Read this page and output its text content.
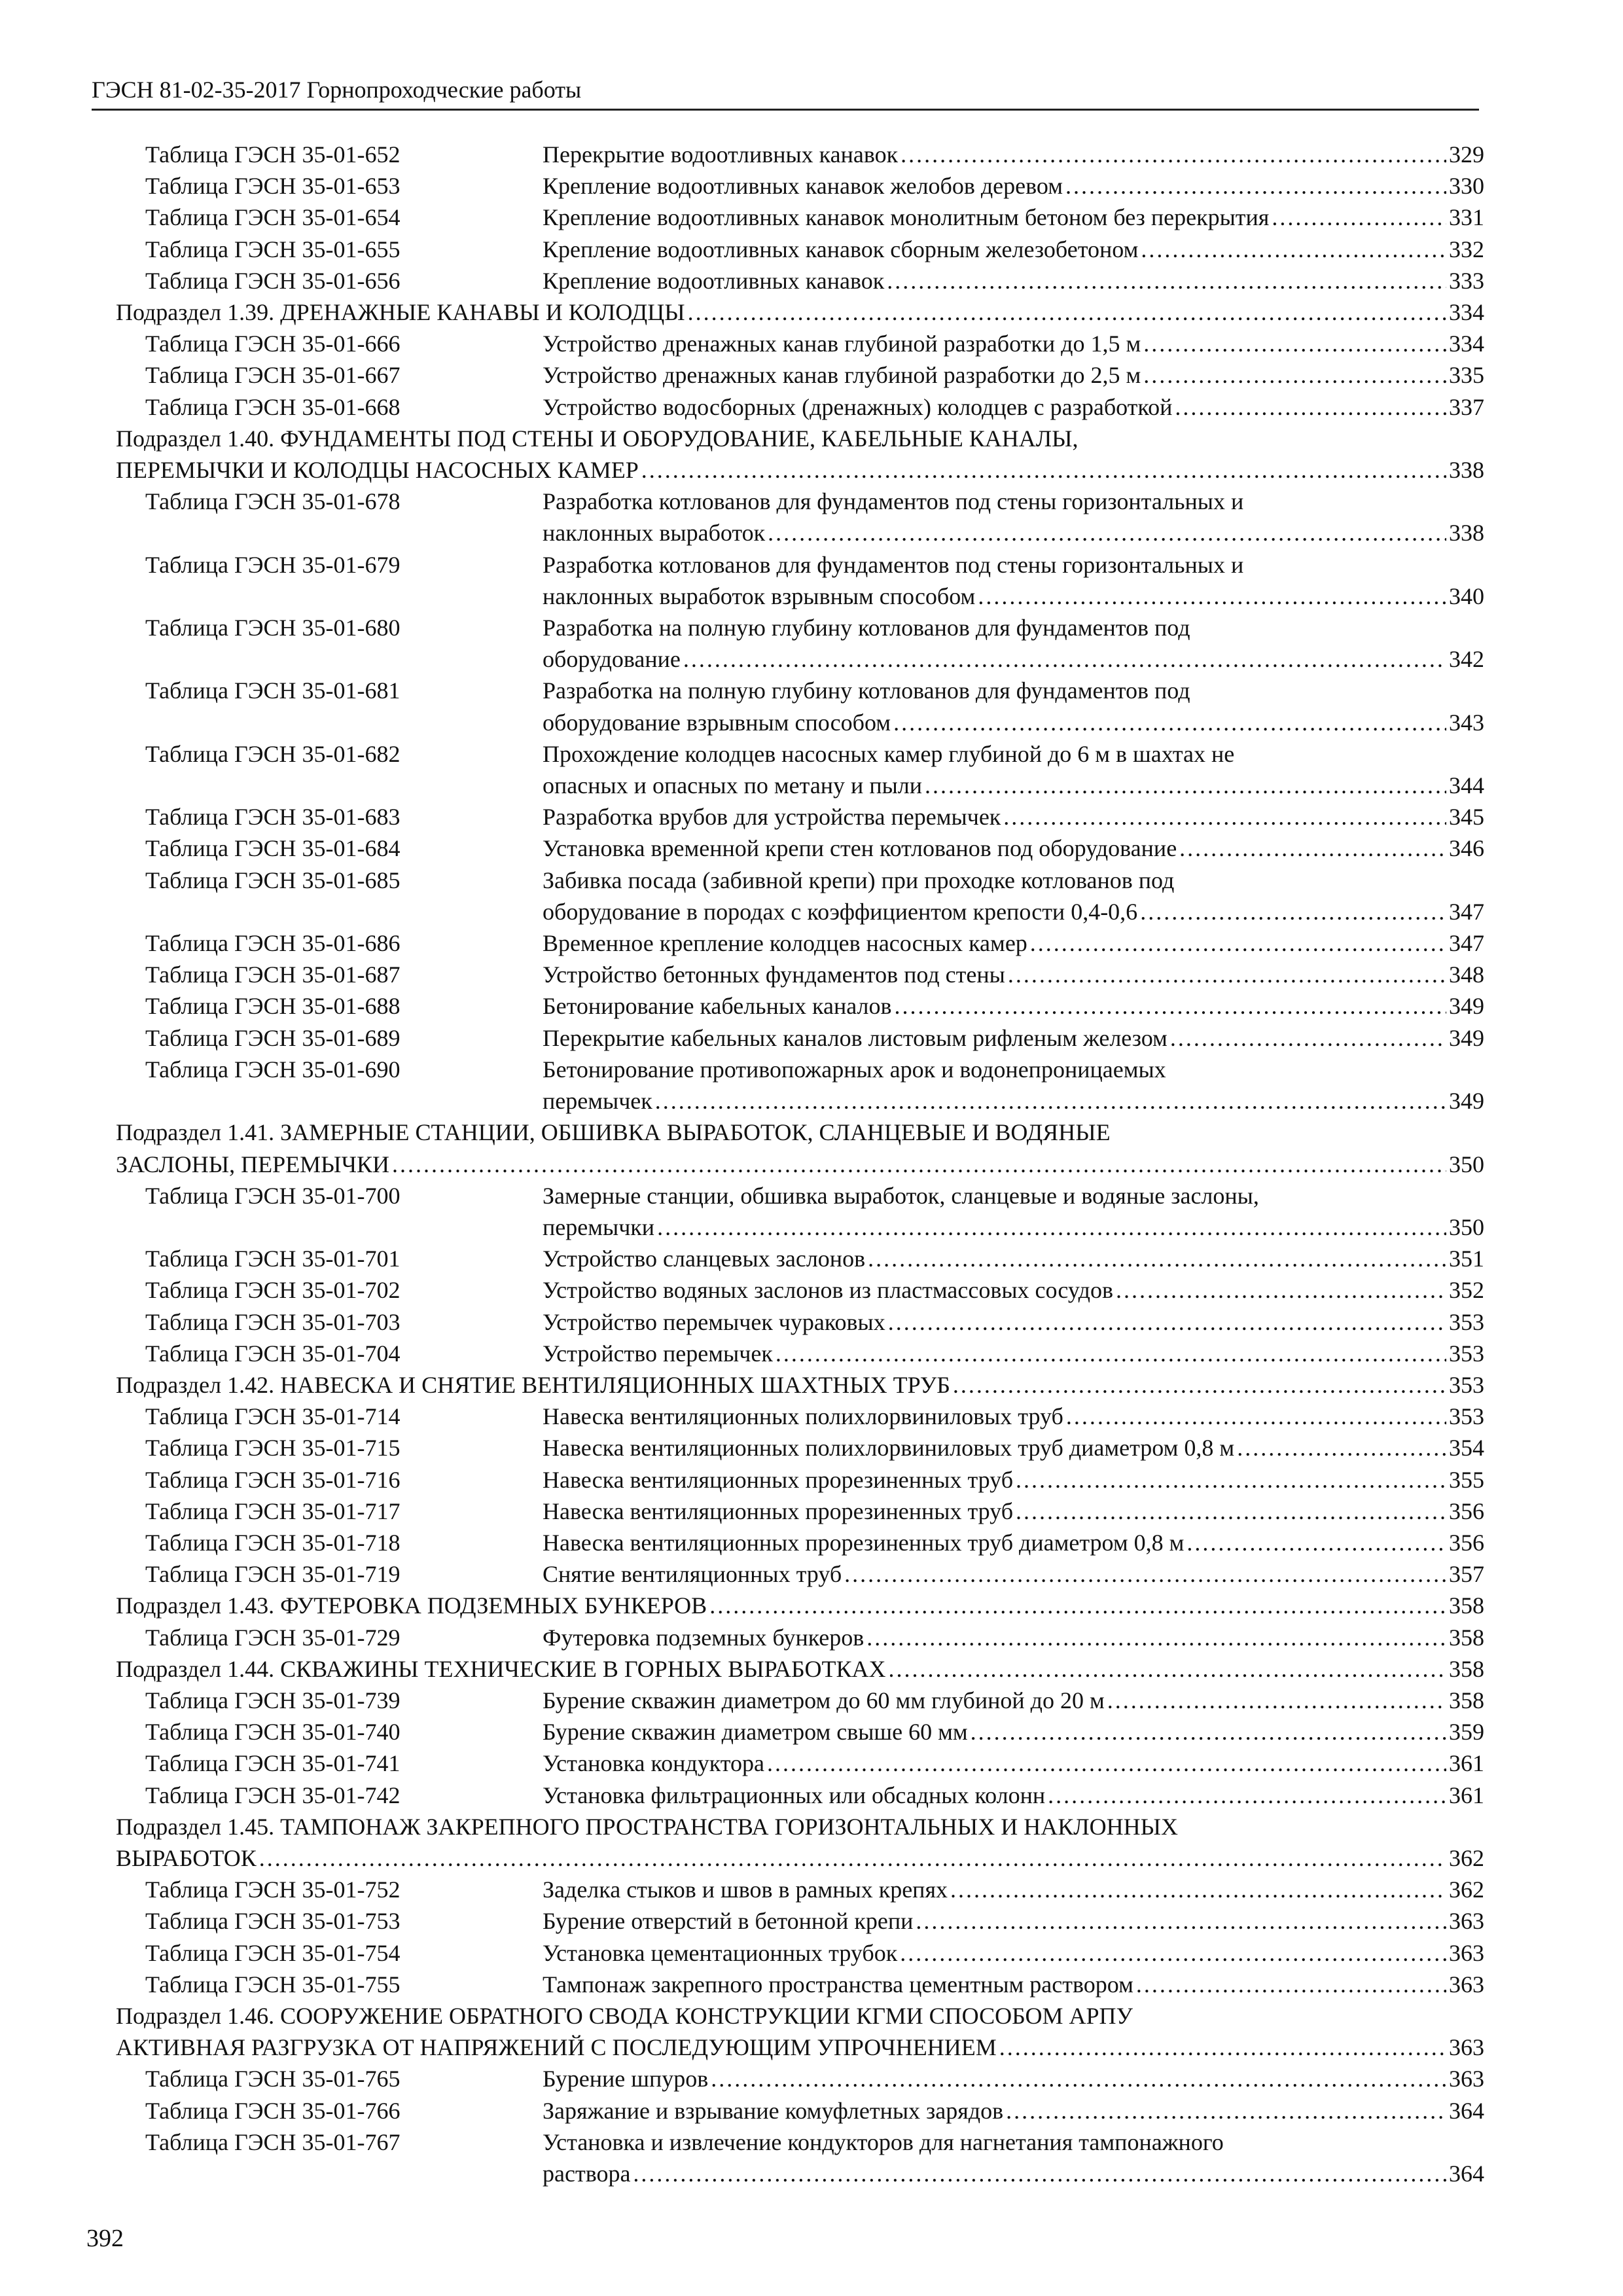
ГЭСН 81-02-35-2017 Горнопроходческие работы
Таблица ГЭСН 35-01-652	Перекрытие водоотливных канавок .....	329
Таблица ГЭСН 35-01-653	Крепление водоотливных канавок желобов деревом .....	330
Таблица ГЭСН 35-01-654	Крепление водоотливных канавок монолитным бетоном без перекрытия .....	331
Таблица ГЭСН 35-01-655	Крепление водоотливных канавок сборным железобетоном .....	332
Таблица ГЭСН 35-01-656	Крепление водоотливных канавок .....	333
Подраздел 1.39. ДРЕНАЖНЫЕ КАНАВЫ И КОЛОДЦЫ .....	334
Таблица ГЭСН 35-01-666	Устройство дренажных канав глубиной разработки до 1,5 м .....	334
Таблица ГЭСН 35-01-667	Устройство дренажных канав глубиной разработки до 2,5 м .....	335
Таблица ГЭСН 35-01-668	Устройство водосборных (дренажных) колодцев с разработкой .....	337
Подраздел 1.40. ФУНДАМЕНТЫ ПОД СТЕНЫ И ОБОРУДОВАНИЕ, КАБЕЛЬНЫЕ КАНАЛЫ,
ПЕРЕМЫЧКИ И КОЛОДЦЫ НАСОСНЫХ КАМЕР .....	338
Таблица ГЭСН 35-01-678	Разработка котлованов для фундаментов под стены горизонтальных и
наклонных выработок .....	338
Таблица ГЭСН 35-01-679	Разработка котлованов для фундаментов под стены горизонтальных и
наклонных выработок взрывным способом .....	340
Таблица ГЭСН 35-01-680	Разработка на полную глубину котлованов для фундаментов под
оборудование .....	342
Таблица ГЭСН 35-01-681	Разработка на полную глубину котлованов для фундаментов под
оборудование взрывным способом .....	343
Таблица ГЭСН 35-01-682	Прохождение колодцев насосных камер глубиной до 6 м в шахтах не
опасных и опасных по метану и пыли .....	344
Таблица ГЭСН 35-01-683	Разработка врубов для устройства перемычек .....	345
Таблица ГЭСН 35-01-684	Установка временной крепи стен котлованов под оборудование .....	346
Таблица ГЭСН 35-01-685	Забивка посада (забивной крепи) при проходке котлованов под
оборудование в породах с коэффициентом крепости 0,4-0,6 .....	347
Таблица ГЭСН 35-01-686	Временное крепление колодцев насосных камер .....	347
Таблица ГЭСН 35-01-687	Устройство бетонных фундаментов под стены .....	348
Таблица ГЭСН 35-01-688	Бетонирование кабельных каналов .....	349
Таблица ГЭСН 35-01-689	Перекрытие кабельных каналов листовым рифленым железом .....	349
Таблица ГЭСН 35-01-690	Бетонирование противопожарных арок и водонепроницаемых
перемычек .....	349
Подраздел 1.41. ЗАМЕРНЫЕ СТАНЦИИ, ОБШИВКА ВЫРАБОТОК, СЛАНЦЕВЫЕ И ВОДЯНЫЕ
ЗАСЛОНЫ, ПЕРЕМЫЧКИ .....	350
Таблица ГЭСН 35-01-700	Замерные станции, обшивка выработок, сланцевые и водяные заслоны,
перемычки .....	350
Таблица ГЭСН 35-01-701	Устройство сланцевых заслонов .....	351
Таблица ГЭСН 35-01-702	Устройство водяных заслонов из пластмассовых сосудов .....	352
Таблица ГЭСН 35-01-703	Устройство перемычек чураковых .....	353
Таблица ГЭСН 35-01-704	Устройство перемычек .....	353
Подраздел 1.42. НАВЕСКА И СНЯТИЕ ВЕНТИЛЯЦИОННЫХ ШАХТНЫХ ТРУБ .....	353
Таблица ГЭСН 35-01-714	Навеска вентиляционных полихлорвиниловых труб .....	353
Таблица ГЭСН 35-01-715	Навеска вентиляционных полихлорвиниловых труб диаметром 0,8 м .....	354
Таблица ГЭСН 35-01-716	Навеска вентиляционных прорезиненных труб .....	355
Таблица ГЭСН 35-01-717	Навеска вентиляционных прорезиненных труб .....	356
Таблица ГЭСН 35-01-718	Навеска вентиляционных прорезиненных труб диаметром 0,8 м .....	356
Таблица ГЭСН 35-01-719	Снятие вентиляционных труб .....	357
Подраздел 1.43. ФУТЕРОВКА ПОДЗЕМНЫХ БУНКЕРОВ .....	358
Таблица ГЭСН 35-01-729	Футеровка подземных бункеров .....	358
Подраздел 1.44. СКВАЖИНЫ ТЕХНИЧЕСКИЕ В ГОРНЫХ ВЫРАБОТКАХ .....	358
Таблица ГЭСН 35-01-739	Бурение скважин диаметром до 60 мм глубиной до 20 м .....	358
Таблица ГЭСН 35-01-740	Бурение скважин диаметром свыше 60 мм .....	359
Таблица ГЭСН 35-01-741	Установка кондуктора .....	361
Таблица ГЭСН 35-01-742	Установка фильтрационных или обсадных колонн .....	361
Подраздел 1.45. ТАМПОНАЖ ЗАКРЕПНОГО ПРОСТРАНСТВА ГОРИЗОНТАЛЬНЫХ И НАКЛОННЫХ
ВЫРАБОТОК .....	362
Таблица ГЭСН 35-01-752	Заделка стыков и швов в рамных крепях .....	362
Таблица ГЭСН 35-01-753	Бурение отверстий в бетонной крепи .....	363
Таблица ГЭСН 35-01-754	Установка цементационных трубок .....	363
Таблица ГЭСН 35-01-755	Тампонаж закрепного пространства цементным раствором .....	363
Подраздел 1.46. СООРУЖЕНИЕ ОБРАТНОГО СВОДА КОНСТРУКЦИИ КГМИ СПОСОБОМ АРПУ
АКТИВНАЯ РАЗГРУЗКА ОТ НАПРЯЖЕНИЙ С ПОСЛЕДУЮЩИМ УПРОЧНЕНИЕМ .....	363
Таблица ГЭСН 35-01-765	Бурение шпуров .....	363
Таблица ГЭСН 35-01-766	Заряжание и взрывание комуфлетных зарядов .....	364
Таблица ГЭСН 35-01-767	Установка и извлечение кондукторов для нагнетания тампонажного
раствора .....	364
392
